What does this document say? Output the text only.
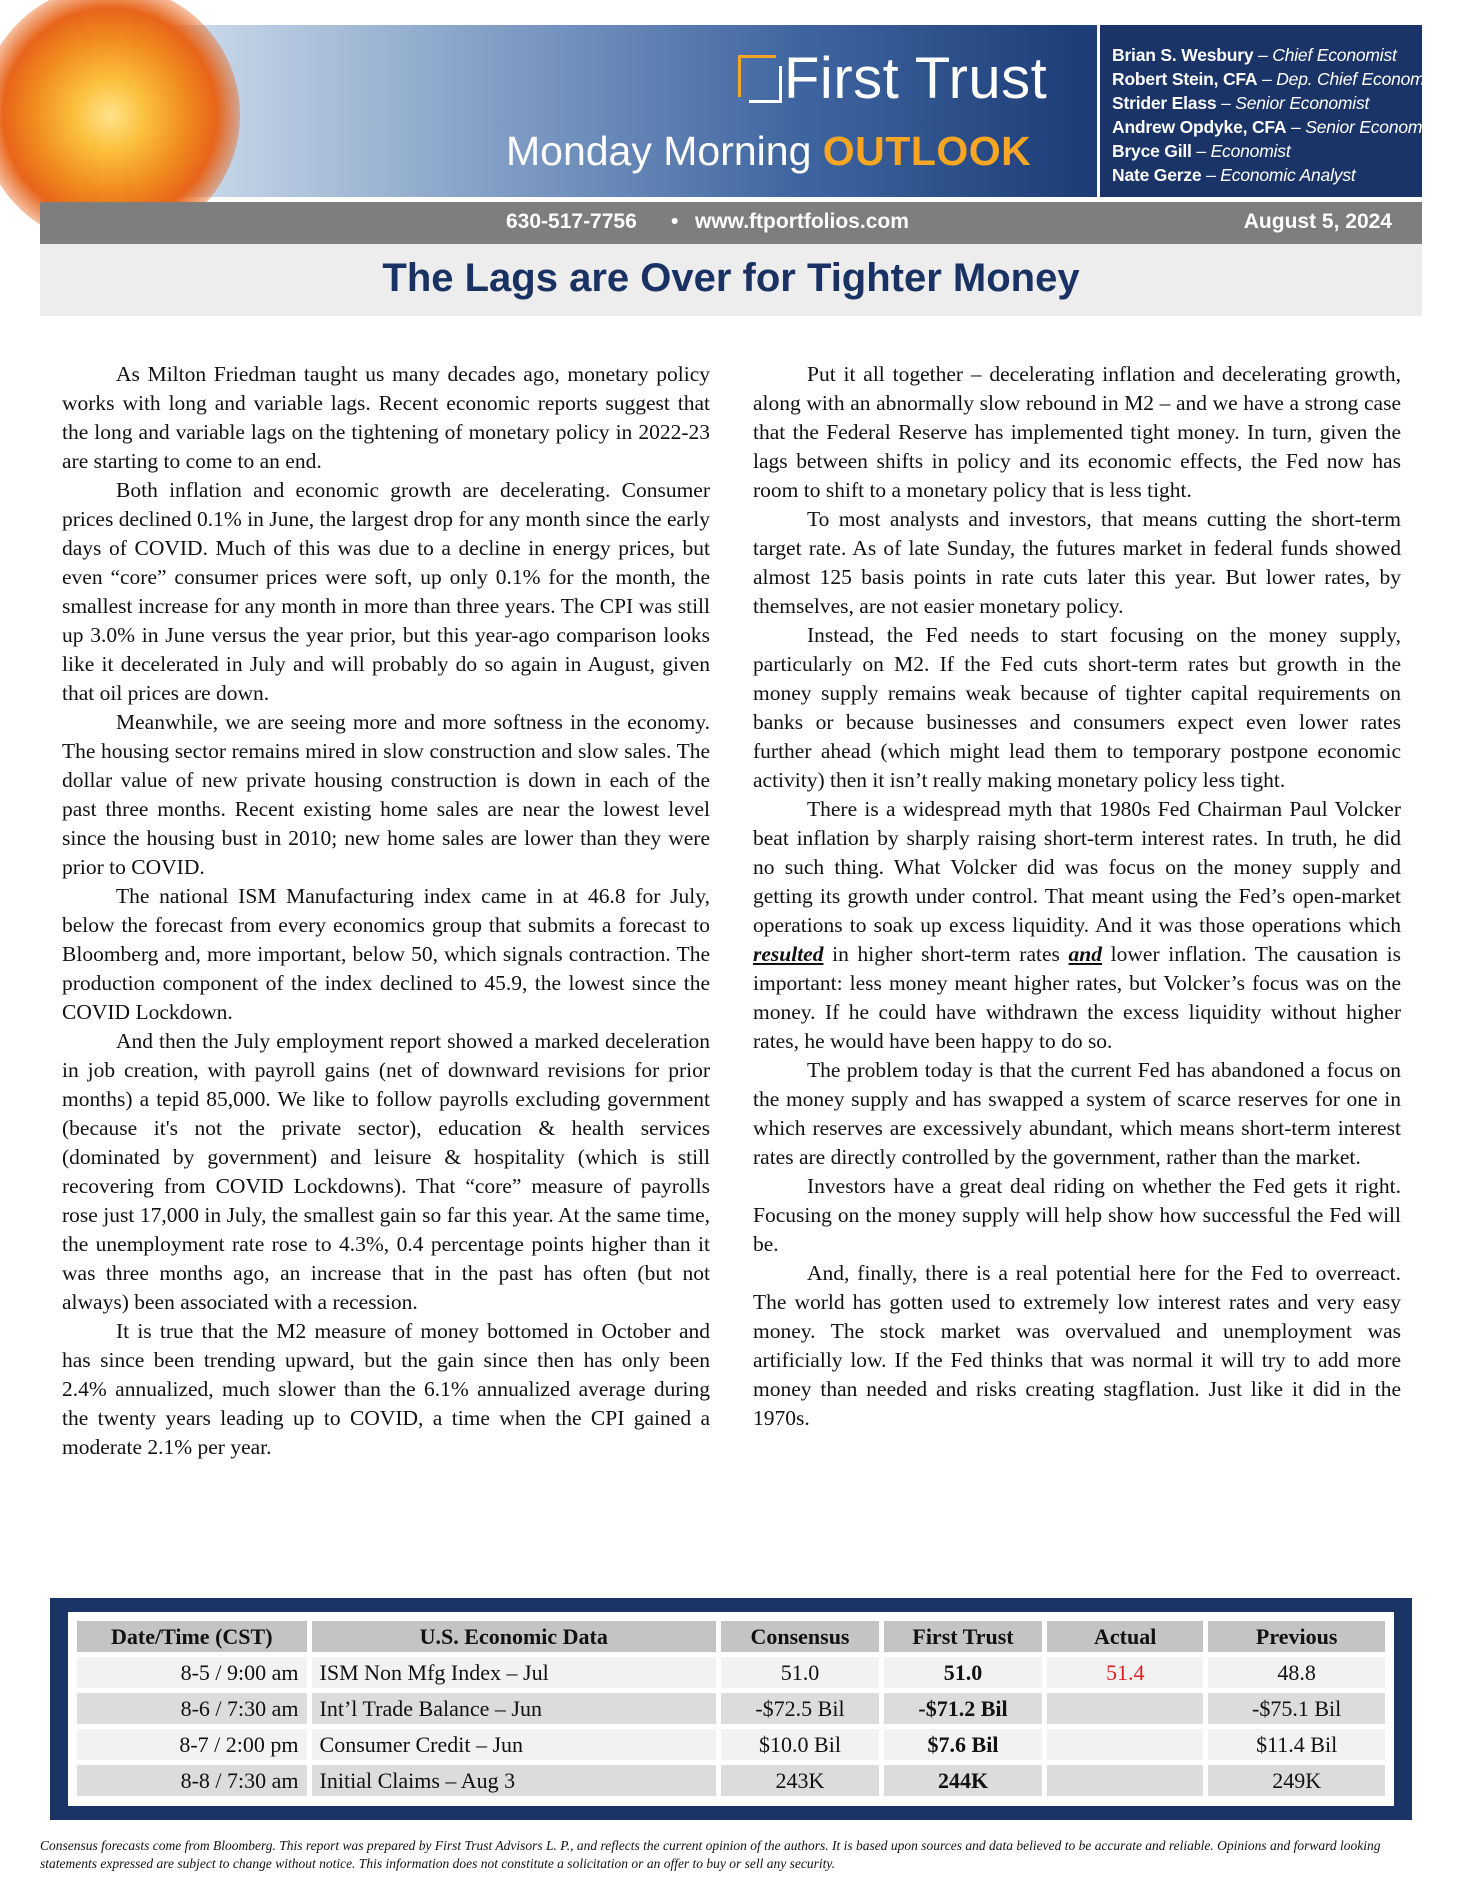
First Trust
Monday Morning OUTLOOK
Brian S. Wesbury – Chief Economist
Robert Stein, CFA – Dep. Chief Economist
Strider Elass – Senior Economist
Andrew Opdyke, CFA – Senior Economist
Bryce Gill – Economist
Nate Gerze – Economic Analyst
630-517-7756 • www.ftportfolios.com	August 5, 2024
The Lags are Over for Tighter Money

As Milton Friedman taught us many decades ago, monetary policy works with long and variable lags. Recent economic reports suggest that the long and variable lags on the tightening of monetary policy in 2022-23 are starting to come to an end.

Both inflation and economic growth are decelerating. Consumer prices declined 0.1% in June, the largest drop for any month since the early days of COVID. Much of this was due to a decline in energy prices, but even “core” consumer prices were soft, up only 0.1% for the month, the smallest increase for any month in more than three years. The CPI was still up 3.0% in June versus the year prior, but this year-ago comparison looks like it decelerated in July and will probably do so again in August, given that oil prices are down.

Meanwhile, we are seeing more and more softness in the economy. The housing sector remains mired in slow construction and slow sales. The dollar value of new private housing construction is down in each of the past three months. Recent existing home sales are near the lowest level since the housing bust in 2010; new home sales are lower than they were prior to COVID.

The national ISM Manufacturing index came in at 46.8 for July, below the forecast from every economics group that submits a forecast to Bloomberg and, more important, below 50, which signals contraction. The production component of the index declined to 45.9, the lowest since the COVID Lockdown.

And then the July employment report showed a marked deceleration in job creation, with payroll gains (net of downward revisions for prior months) a tepid 85,000. We like to follow payrolls excluding government (because it's not the private sector), education & health services (dominated by government) and leisure & hospitality (which is still recovering from COVID Lockdowns). That “core” measure of payrolls rose just 17,000 in July, the smallest gain so far this year. At the same time, the unemployment rate rose to 4.3%, 0.4 percentage points higher than it was three months ago, an increase that in the past has often (but not always) been associated with a recession.

It is true that the M2 measure of money bottomed in October and has since been trending upward, but the gain since then has only been 2.4% annualized, much slower than the 6.1% annualized average during the twenty years leading up to COVID, a time when the CPI gained a moderate 2.1% per year.

Put it all together – decelerating inflation and decelerating growth, along with an abnormally slow rebound in M2 – and we have a strong case that the Federal Reserve has implemented tight money. In turn, given the lags between shifts in policy and its economic effects, the Fed now has room to shift to a monetary policy that is less tight.

To most analysts and investors, that means cutting the short-term target rate. As of late Sunday, the futures market in federal funds showed almost 125 basis points in rate cuts later this year. But lower rates, by themselves, are not easier monetary policy.

Instead, the Fed needs to start focusing on the money supply, particularly on M2. If the Fed cuts short-term rates but growth in the money supply remains weak because of tighter capital requirements on banks or because businesses and consumers expect even lower rates further ahead (which might lead them to temporary postpone economic activity) then it isn’t really making monetary policy less tight.

There is a widespread myth that 1980s Fed Chairman Paul Volcker beat inflation by sharply raising short-term interest rates. In truth, he did no such thing. What Volcker did was focus on the money supply and getting its growth under control. That meant using the Fed’s open-market operations to soak up excess liquidity. And it was those operations which resulted in higher short-term rates and lower inflation. The causation is important: less money meant higher rates, but Volcker’s focus was on the money. If he could have withdrawn the excess liquidity without higher rates, he would have been happy to do so.

The problem today is that the current Fed has abandoned a focus on the money supply and has swapped a system of scarce reserves for one in which reserves are excessively abundant, which means short-term interest rates are directly controlled by the government, rather than the market.

Investors have a great deal riding on whether the Fed gets it right. Focusing on the money supply will help show how successful the Fed will be.

And, finally, there is a real potential here for the Fed to overreact. The world has gotten used to extremely low interest rates and very easy money. The stock market was overvalued and unemployment was artificially low. If the Fed thinks that was normal it will try to add more money than needed and risks creating stagflation. Just like it did in the 1970s.

Date/Time (CST)	U.S. Economic Data	Consensus	First Trust	Actual	Previous
8-5 / 9:00 am	ISM Non Mfg Index – Jul	51.0	51.0	51.4	48.8
8-6 / 7:30 am	Int’l Trade Balance – Jun	-$72.5 Bil	-$71.2 Bil		-$75.1 Bil
8-7 / 2:00 pm	Consumer Credit – Jun	$10.0 Bil	$7.6 Bil		$11.4 Bil
8-8 / 7:30 am	Initial Claims – Aug 3	243K	244K		249K
Consensus forecasts come from Bloomberg. This report was prepared by First Trust Advisors L. P., and reflects the current opinion of the authors. It is based upon sources and data believed to be accurate and reliable. Opinions and forward looking statements expressed are subject to change without notice. This information does not constitute a solicitation or an offer to buy or sell any security.
